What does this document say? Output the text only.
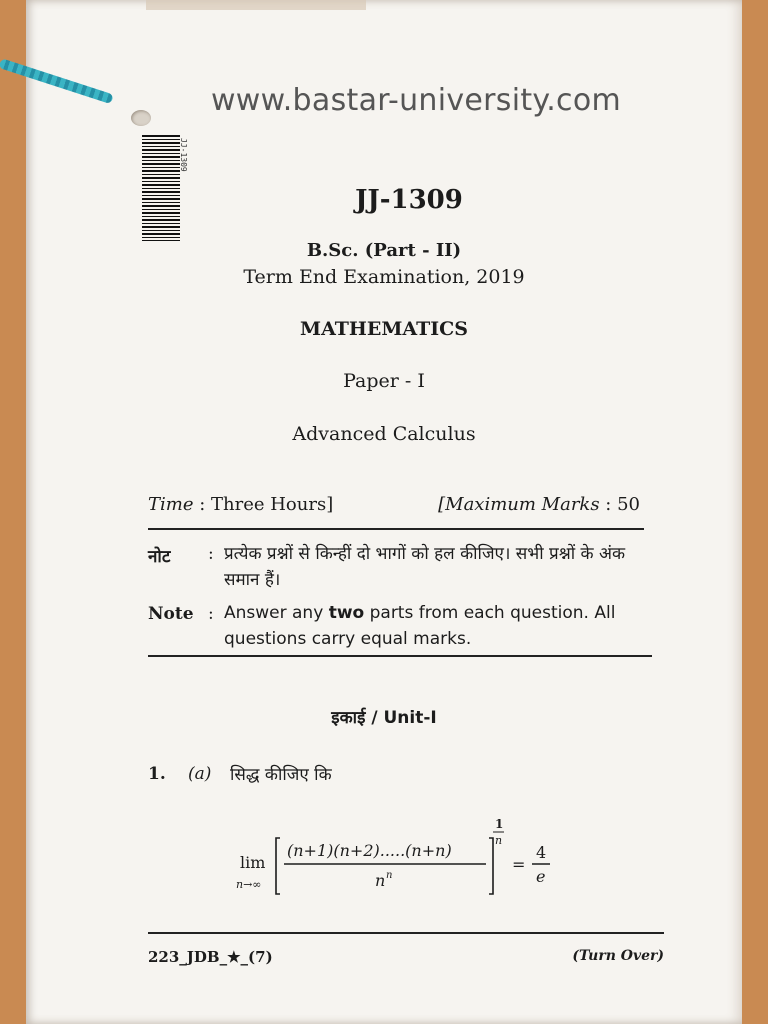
www.bastar-university.com
JJ-1309
JJ-1309
B.Sc. (Part - II)
Term End Examination, 2019
MATHEMATICS
Paper - I
Advanced Calculus
Time : Three Hours]	[Maximum Marks : 50
नोट : प्रत्येक प्रश्नों से किन्हीं दो भागों को हल कीजिए। सभी प्रश्नों के अंक समान हैं।
Note : Answer any two parts from each question. All questions carry equal marks.
इकाई / Unit-I
1. (a) सिद्ध कीजिए कि
lim
n→∞
(n+1)(n+2).....(n+n)
n n
1
n
=
4
e
223_JDB_★_(7)	(Turn Over)
